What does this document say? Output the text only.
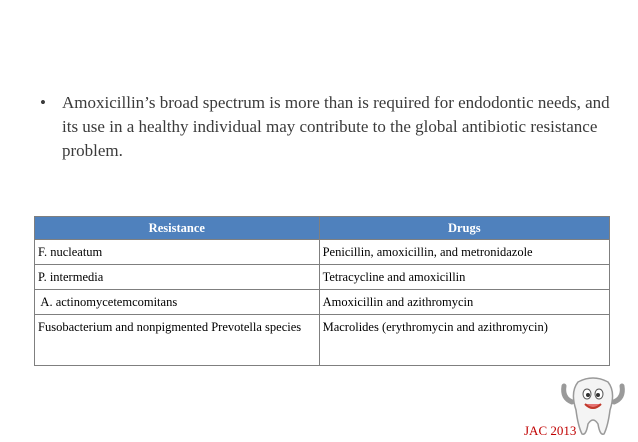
• Amoxicillin’s broad spectrum is more than is required for endodontic needs, and its use in a healthy individual may contribute to the global antibiotic resistance problem.
Resistance	Drugs
F. nucleatum	Penicillin, amoxicillin, and metronidazole
P. intermedia	Tetracycline and amoxicillin
A. actinomycetemcomitans	Amoxicillin and azithromycin
Fusobacterium and nonpigmented Prevotella species	Macrolides (erythromycin and azithromycin)
JAC 2013
